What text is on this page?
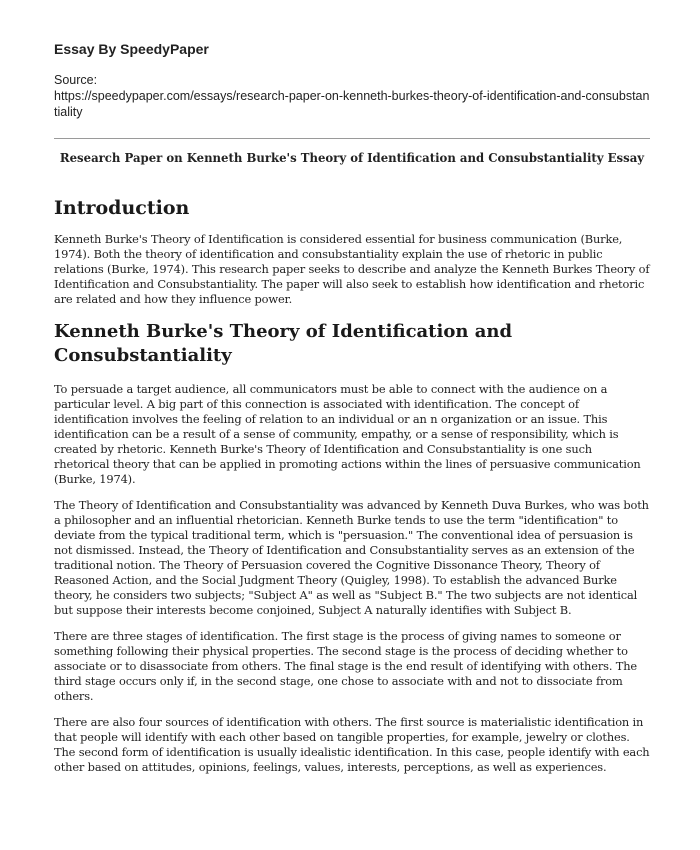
Essay By SpeedyPaper

Source:

https://speedypaper.com/essays/research-paper-on-kenneth-burkes-theory-of-identification-and-consubstantiality

Research Paper on Kenneth Burke's Theory of Identification and Consubstantiality Essay

Introduction

Kenneth Burke's Theory of Identification is considered essential for business communication (Burke, 1974). Both the theory of identification and consubstantiality explain the use of rhetoric in public relations (Burke, 1974). This research paper seeks to describe and analyze the Kenneth Burkes Theory of Identification and Consubstantiality. The paper will also seek to establish how identification and rhetoric are related and how they influence power.

Kenneth Burke's Theory of Identification and Consubstantiality

To persuade a target audience, all communicators must be able to connect with the audience on a particular level. A big part of this connection is associated with identification. The concept of identification involves the feeling of relation to an individual or an n organization or an issue. This identification can be a result of a sense of community, empathy, or a sense of responsibility, which is created by rhetoric. Kenneth Burke's Theory of Identification and Consubstantiality is one such rhetorical theory that can be applied in promoting actions within the lines of persuasive communication (Burke, 1974).

The Theory of Identification and Consubstantiality was advanced by Kenneth Duva Burkes, who was both a philosopher and an influential rhetorician. Kenneth Burke tends to use the term "identification" to deviate from the typical traditional term, which is "persuasion." The conventional idea of persuasion is not dismissed. Instead, the Theory of Identification and Consubstantiality serves as an extension of the traditional notion. The Theory of Persuasion covered the Cognitive Dissonance Theory, Theory of Reasoned Action, and the Social Judgment Theory (Quigley, 1998). To establish the advanced Burke theory, he considers two subjects; "Subject A" as well as "Subject B." The two subjects are not identical but suppose their interests become conjoined, Subject A naturally identifies with Subject B.

There are three stages of identification. The first stage is the process of giving names to someone or something following their physical properties. The second stage is the process of deciding whether to associate or to disassociate from others. The final stage is the end result of identifying with others. The third stage occurs only if, in the second stage, one chose to associate with and not to dissociate from others.

There are also four sources of identification with others. The first source is materialistic identification in that people will identify with each other based on tangible properties, for example, jewelry or clothes. The second form of identification is usually idealistic identification. In this case, people identify with each other based on attitudes, opinions, feelings, values, interests, perceptions, as well as experiences.
